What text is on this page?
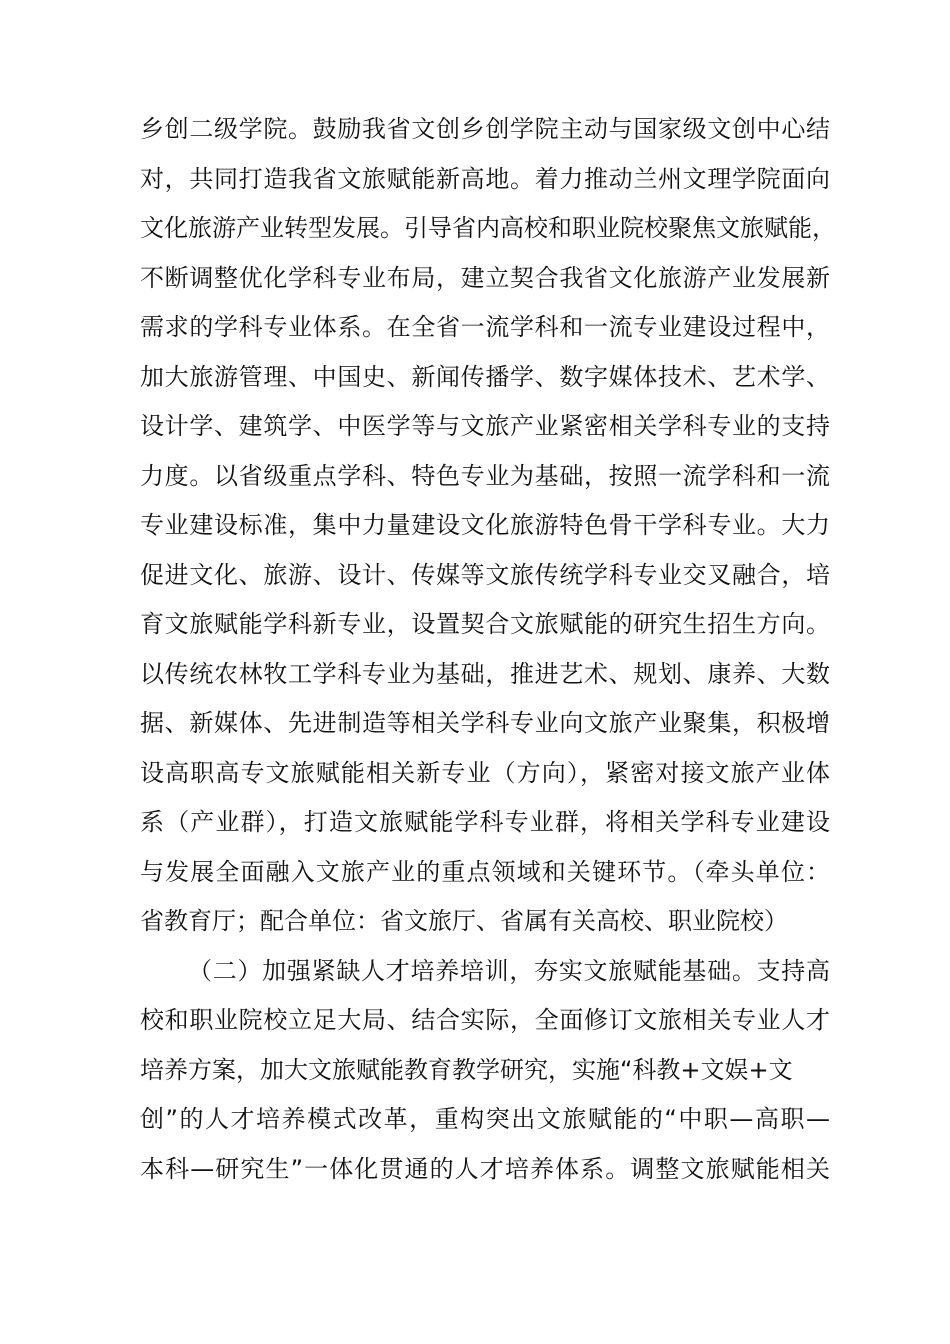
乡创二级学院。鼓励我省文创乡创学院主动与国家级文创中心结
对，共同打造我省文旅赋能新高地。着力推动兰州文理学院面向
文化旅游产业转型发展。引导省内高校和职业院校聚焦文旅赋能，
不断调整优化学科专业布局，建立契合我省文化旅游产业发展新
需求的学科专业体系。在全省一流学科和一流专业建设过程中，
加大旅游管理、中国史、新闻传播学、数字媒体技术、艺术学、
设计学、建筑学、中医学等与文旅产业紧密相关学科专业的支持
力度。以省级重点学科、特色专业为基础，按照一流学科和一流
专业建设标准，集中力量建设文化旅游特色骨干学科专业。大力
促进文化、旅游、设计、传媒等文旅传统学科专业交叉融合，培
育文旅赋能学科新专业，设置契合文旅赋能的研究生招生方向。
以传统农林牧工学科专业为基础，推进艺术、规划、康养、大数
据、新媒体、先进制造等相关学科专业向文旅产业聚集，积极增
设高职高专文旅赋能相关新专业（方向），紧密对接文旅产业体
系（产业群），打造文旅赋能学科专业群，将相关学科专业建设
与发展全面融入文旅产业的重点领域和关键环节。（牵头单位：
省教育厅；配合单位：省文旅厅、省属有关高校、职业院校）
（二）加强紧缺人才培养培训，夯实文旅赋能基础。支持高
校和职业院校立足大局、结合实际，全面修订文旅相关专业人才
培养方案，加大文旅赋能教育教学研究，实施“科教+文娱+文
创”的人才培养模式改革，重构突出文旅赋能的“中职—高职—
本科—研究生”一体化贯通的人才培养体系。调整文旅赋能相关
